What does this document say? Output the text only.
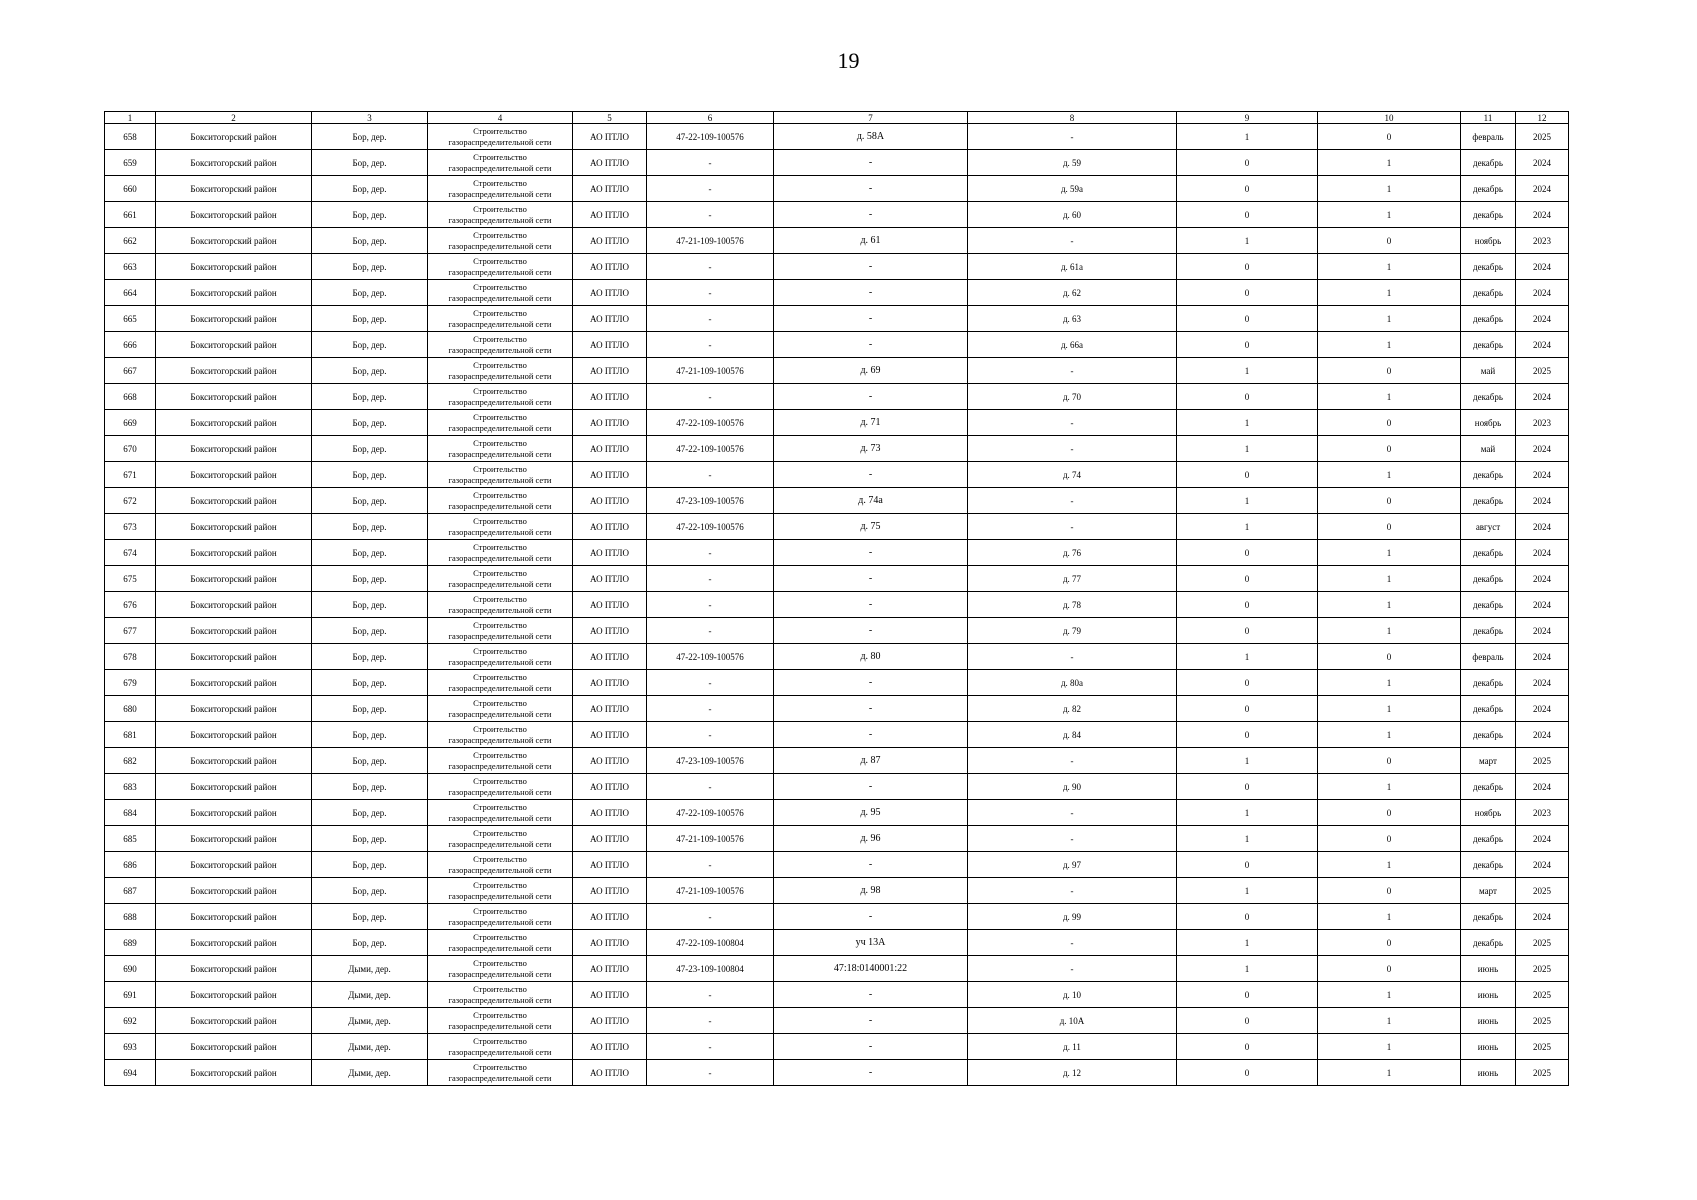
19
1	2	3	4	5	6	7	8	9	10	11	12
658	Бокситогорский район	Бор, дер.	Строительство газораспределительной сети	АО ПТЛО	47-22-109-100576	д. 58А	-	1	0	февраль	2025
659	Бокситогорский район	Бор, дер.	Строительство газораспределительной сети	АО ПТЛО	-	-	д. 59	0	1	декабрь	2024
660	Бокситогорский район	Бор, дер.	Строительство газораспределительной сети	АО ПТЛО	-	-	д. 59а	0	1	декабрь	2024
661	Бокситогорский район	Бор, дер.	Строительство газораспределительной сети	АО ПТЛО	-	-	д. 60	0	1	декабрь	2024
662	Бокситогорский район	Бор, дер.	Строительство газораспределительной сети	АО ПТЛО	47-21-109-100576	д. 61	-	1	0	ноябрь	2023
663	Бокситогорский район	Бор, дер.	Строительство газораспределительной сети	АО ПТЛО	-	-	д. 61а	0	1	декабрь	2024
664	Бокситогорский район	Бор, дер.	Строительство газораспределительной сети	АО ПТЛО	-	-	д. 62	0	1	декабрь	2024
665	Бокситогорский район	Бор, дер.	Строительство газораспределительной сети	АО ПТЛО	-	-	д. 63	0	1	декабрь	2024
666	Бокситогорский район	Бор, дер.	Строительство газораспределительной сети	АО ПТЛО	-	-	д. 66а	0	1	декабрь	2024
667	Бокситогорский район	Бор, дер.	Строительство газораспределительной сети	АО ПТЛО	47-21-109-100576	д. 69	-	1	0	май	2025
668	Бокситогорский район	Бор, дер.	Строительство газораспределительной сети	АО ПТЛО	-	-	д. 70	0	1	декабрь	2024
669	Бокситогорский район	Бор, дер.	Строительство газораспределительной сети	АО ПТЛО	47-22-109-100576	д. 71	-	1	0	ноябрь	2023
670	Бокситогорский район	Бор, дер.	Строительство газораспределительной сети	АО ПТЛО	47-22-109-100576	д. 73	-	1	0	май	2024
671	Бокситогорский район	Бор, дер.	Строительство газораспределительной сети	АО ПТЛО	-	-	д. 74	0	1	декабрь	2024
672	Бокситогорский район	Бор, дер.	Строительство газораспределительной сети	АО ПТЛО	47-23-109-100576	д. 74а	-	1	0	декабрь	2024
673	Бокситогорский район	Бор, дер.	Строительство газораспределительной сети	АО ПТЛО	47-22-109-100576	д. 75	-	1	0	август	2024
674	Бокситогорский район	Бор, дер.	Строительство газораспределительной сети	АО ПТЛО	-	-	д. 76	0	1	декабрь	2024
675	Бокситогорский район	Бор, дер.	Строительство газораспределительной сети	АО ПТЛО	-	-	д. 77	0	1	декабрь	2024
676	Бокситогорский район	Бор, дер.	Строительство газораспределительной сети	АО ПТЛО	-	-	д. 78	0	1	декабрь	2024
677	Бокситогорский район	Бор, дер.	Строительство газораспределительной сети	АО ПТЛО	-	-	д. 79	0	1	декабрь	2024
678	Бокситогорский район	Бор, дер.	Строительство газораспределительной сети	АО ПТЛО	47-22-109-100576	д. 80	-	1	0	февраль	2024
679	Бокситогорский район	Бор, дер.	Строительство газораспределительной сети	АО ПТЛО	-	-	д. 80а	0	1	декабрь	2024
680	Бокситогорский район	Бор, дер.	Строительство газораспределительной сети	АО ПТЛО	-	-	д. 82	0	1	декабрь	2024
681	Бокситогорский район	Бор, дер.	Строительство газораспределительной сети	АО ПТЛО	-	-	д. 84	0	1	декабрь	2024
682	Бокситогорский район	Бор, дер.	Строительство газораспределительной сети	АО ПТЛО	47-23-109-100576	д. 87	-	1	0	март	2025
683	Бокситогорский район	Бор, дер.	Строительство газораспределительной сети	АО ПТЛО	-	-	д. 90	0	1	декабрь	2024
684	Бокситогорский район	Бор, дер.	Строительство газораспределительной сети	АО ПТЛО	47-22-109-100576	д. 95	-	1	0	ноябрь	2023
685	Бокситогорский район	Бор, дер.	Строительство газораспределительной сети	АО ПТЛО	47-21-109-100576	д. 96	-	1	0	декабрь	2024
686	Бокситогорский район	Бор, дер.	Строительство газораспределительной сети	АО ПТЛО	-	-	д. 97	0	1	декабрь	2024
687	Бокситогорский район	Бор, дер.	Строительство газораспределительной сети	АО ПТЛО	47-21-109-100576	д. 98	-	1	0	март	2025
688	Бокситогорский район	Бор, дер.	Строительство газораспределительной сети	АО ПТЛО	-	-	д. 99	0	1	декабрь	2024
689	Бокситогорский район	Бор, дер.	Строительство газораспределительной сети	АО ПТЛО	47-22-109-100804	уч 13А	-	1	0	декабрь	2025
690	Бокситогорский район	Дыми, дер.	Строительство газораспределительной сети	АО ПТЛО	47-23-109-100804	47:18:0140001:22	-	1	0	июнь	2025
691	Бокситогорский район	Дыми, дер.	Строительство газораспределительной сети	АО ПТЛО	-	-	д. 10	0	1	июнь	2025
692	Бокситогорский район	Дыми, дер.	Строительство газораспределительной сети	АО ПТЛО	-	-	д. 10А	0	1	июнь	2025
693	Бокситогорский район	Дыми, дер.	Строительство газораспределительной сети	АО ПТЛО	-	-	д. 11	0	1	июнь	2025
694	Бокситогорский район	Дыми, дер.	Строительство газораспределительной сети	АО ПТЛО	-	-	д. 12	0	1	июнь	2025
